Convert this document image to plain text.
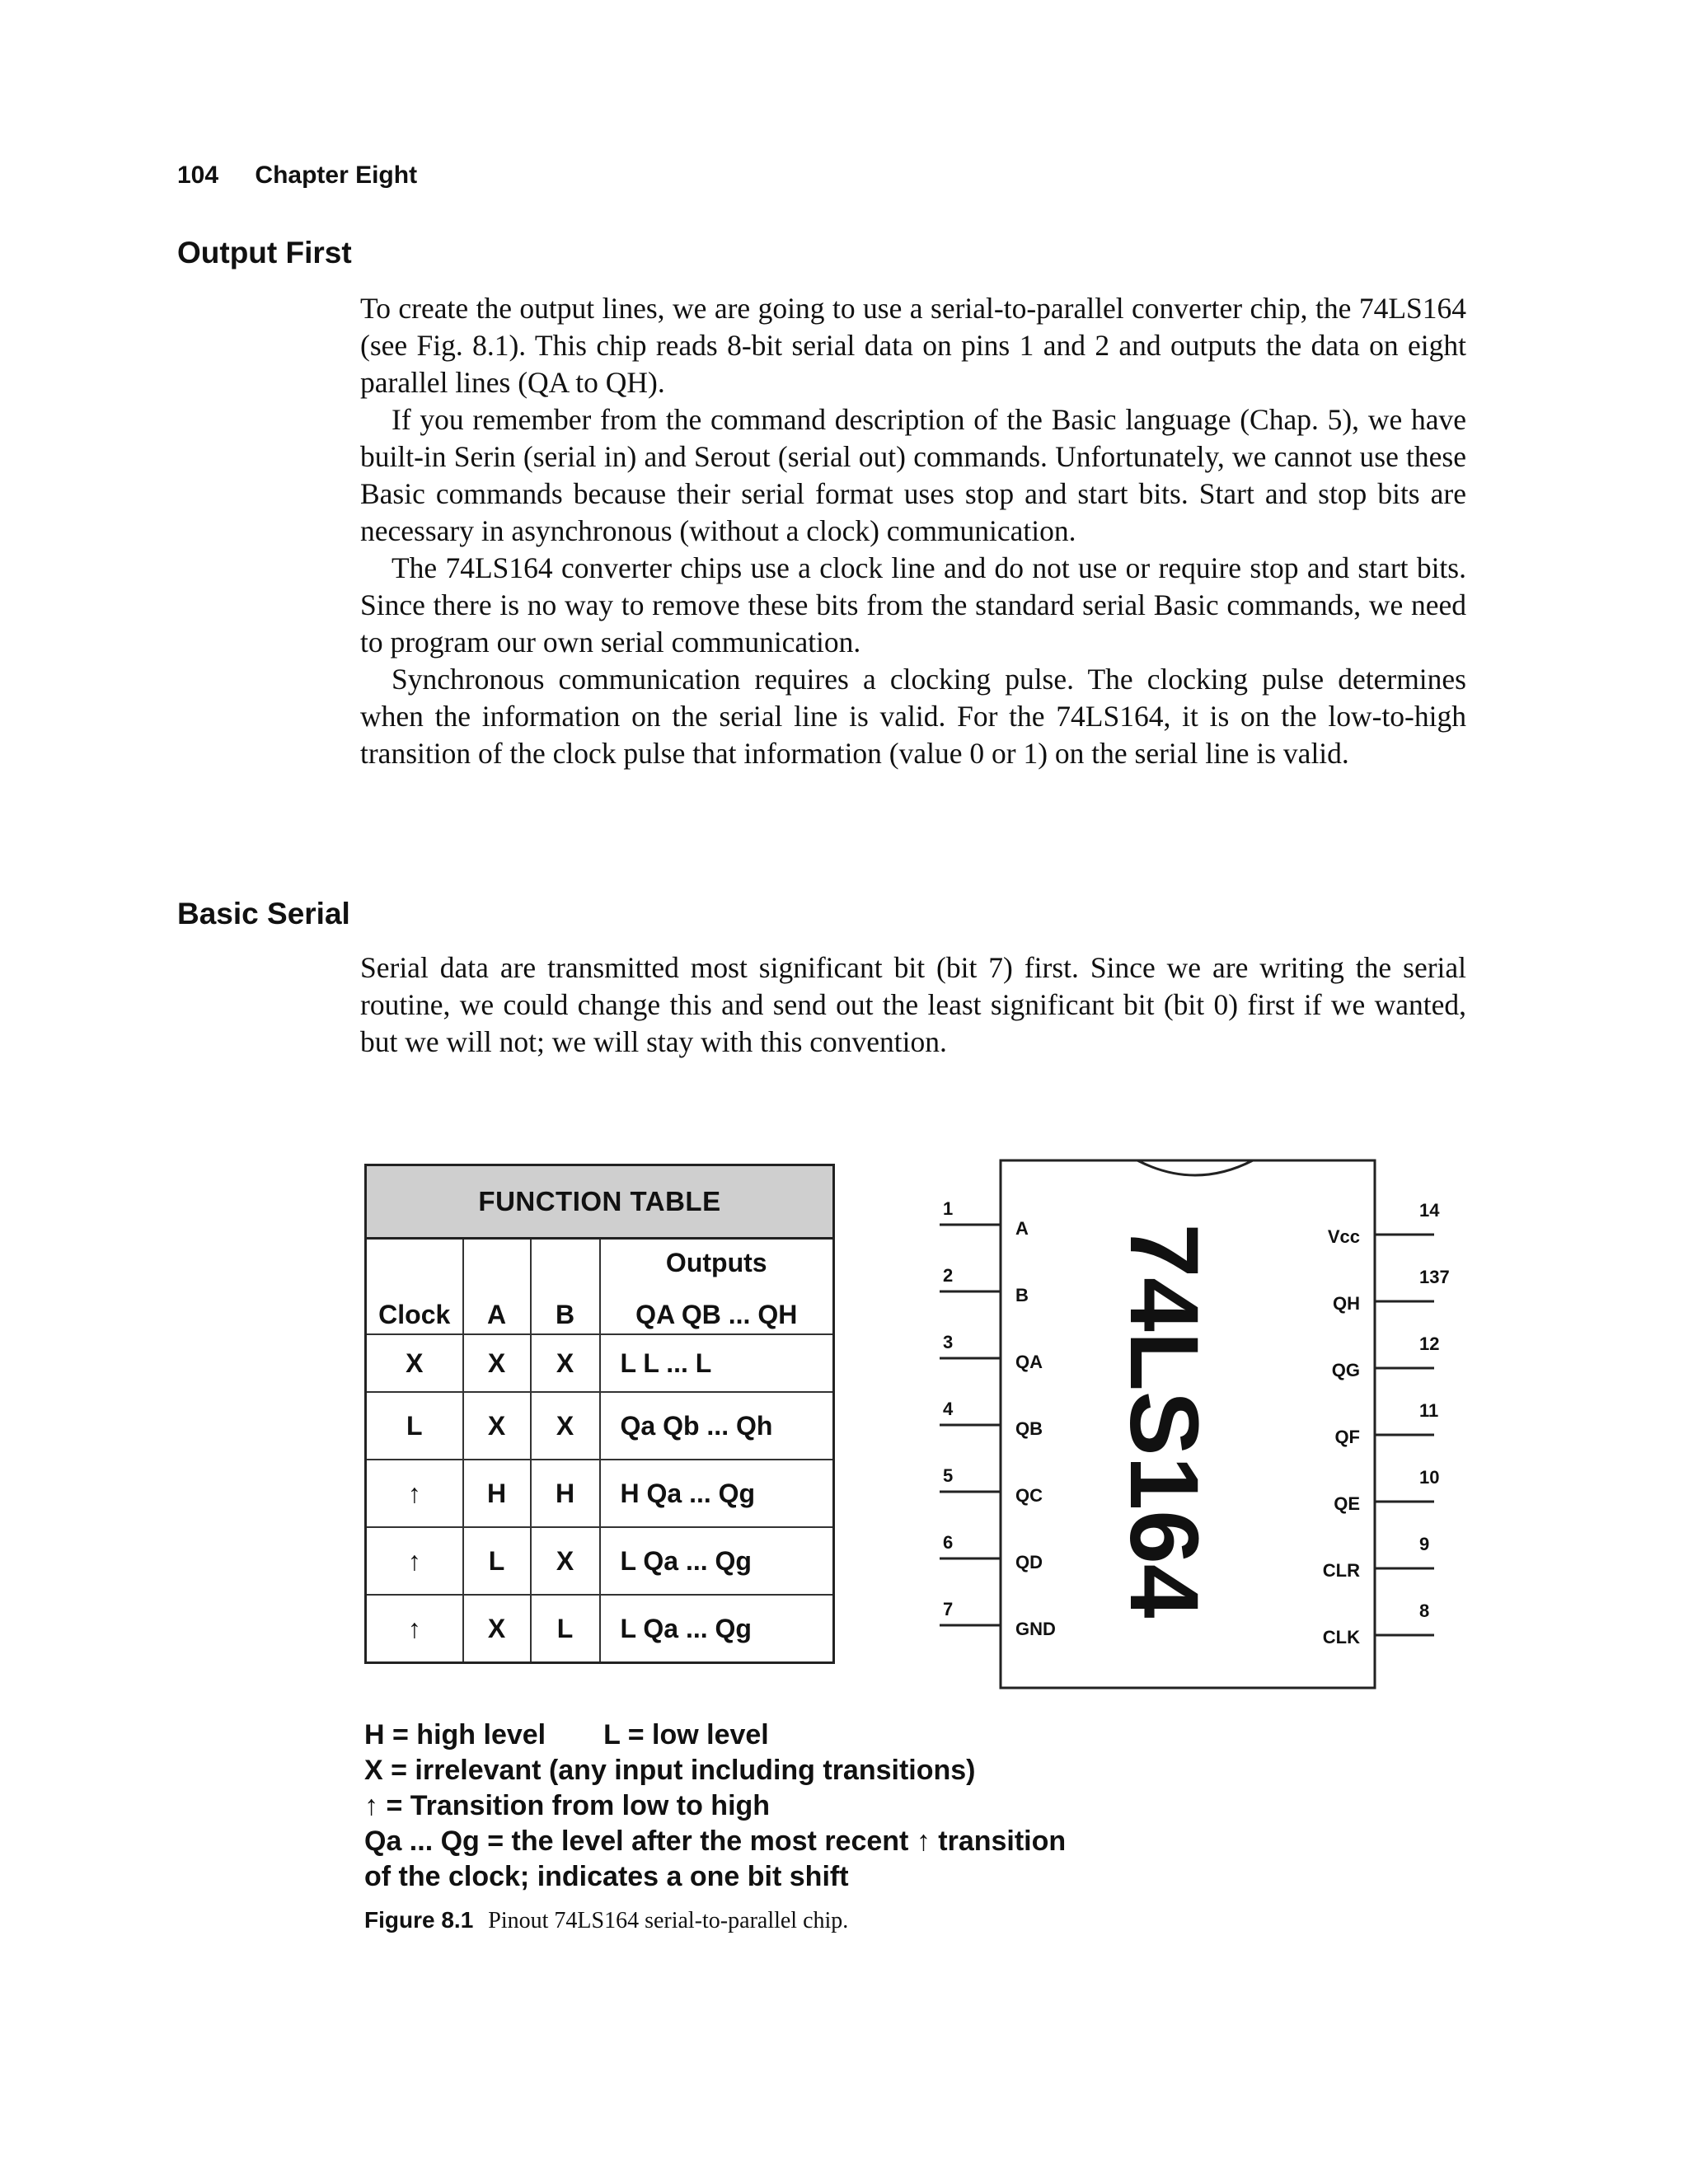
104 Chapter Eight
Output First

To create the output lines, we are going to use a serial-to-parallel converter chip, the 74LS164 (see Fig. 8.1). This chip reads 8-bit serial data on pins 1 and 2 and outputs the data on eight parallel lines (QA to QH).

If you remember from the command description of the Basic language (Chap. 5), we have built-in Serin (serial in) and Serout (serial out) commands. Unfortunately, we cannot use these Basic commands because their serial format uses stop and start bits. Start and stop bits are necessary in asynchronous (without a clock) communication.

The 74LS164 converter chips use a clock line and do not use or require stop and start bits. Since there is no way to remove these bits from the standard serial Basic commands, we need to program our own serial communication.

Synchronous communication requires a clocking pulse. The clocking pulse determines when the information on the serial line is valid. For the 74LS164, it is on the low-to-high transition of the clock pulse that information (value 0 or 1) on the serial line is valid.

Basic Serial

Serial data are transmitted most significant bit (bit 7) first. Since we are writing the serial routine, we could change this and send out the least significant bit (bit 0) first if we wanted, but we will not; we will stay with this convention.

FUNCTION TABLE			
			Outputs
Clock	A	B	QA QB ... QH
X	X	X	L L ... L
L	X	X	Qa Qb ... Qh
↑	H	H	H Qa ... Qg
↑	L	X	L Qa ... Qg
↑	X	L	L Qa ... Qg
1
A
2
B
3
QA
4
QB
5
QC
6
QD
7
GND
14
Vcc
137
QH
12
QG
11
QF
10
QE
9
CLR
8
CLK
74LS164
H = high level L = low level
X = irrelevant (any input including transitions)
↑ = Transition from low to high
Qa ... Qg = the level after the most recent ↑ transition
of the clock; indicates a one bit shift
Figure 8.1 Pinout 74LS164 serial-to-parallel chip.
